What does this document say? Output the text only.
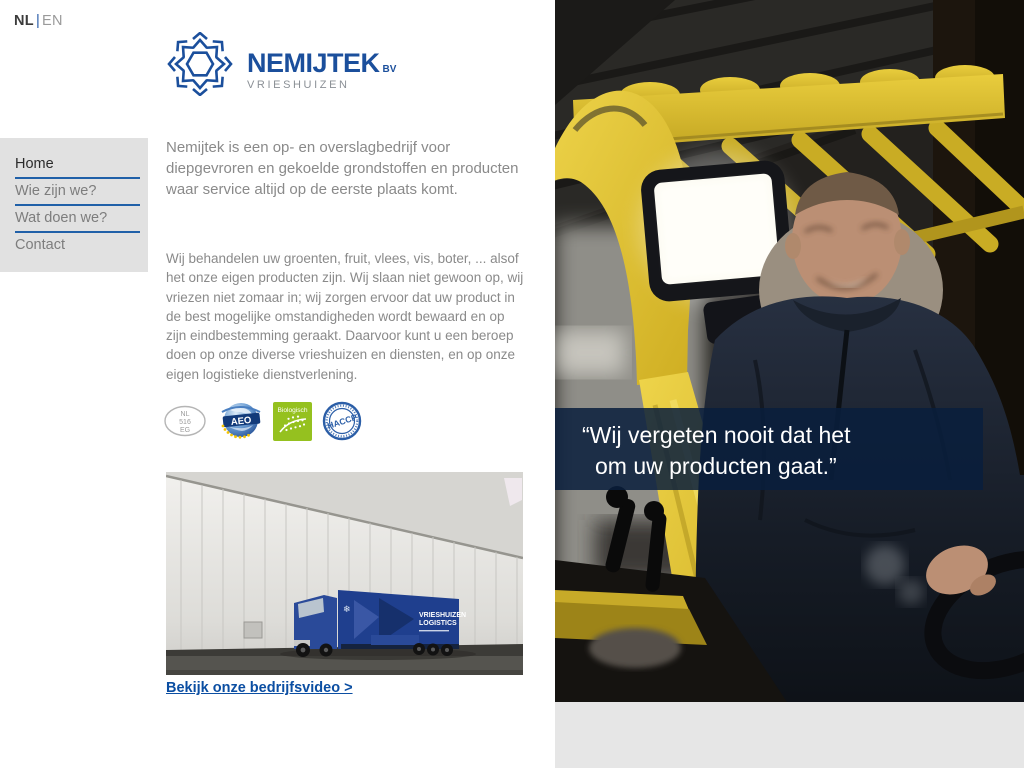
NL | EN
NEMIJTEK BV
VRIESHUIZEN
Home
Wie zijn we?
Wat doen we?
Contact

Nemijtek is een op- en overslagbedrijf voor diepgevroren en gekoelde grondstoffen en producten waar service altijd op de eerste plaats komt.

Wij behandelen uw groenten, fruit, vlees, vis, boter, ... alsof het onze eigen producten zijn. Wij slaan niet gewoon op, wij vriezen niet zomaar in; wij zorgen ervoor dat uw product in de best mogelijke omstandigheden wordt bewaard en op zijn eindbestemming geraakt. Daarvoor kunt u een beroep doen op onze diverse vrieshuizen en diensten, en op onze eigen logistieke dienstverlening.

NL
516
EG
AEO
Biologisch
HACCP
VRIESHUIZEN
LOGISTICS
❄
Bekijk onze bedrijfsvideo >
“Wij vergeten nooit dat het
om uw producten gaat.”
